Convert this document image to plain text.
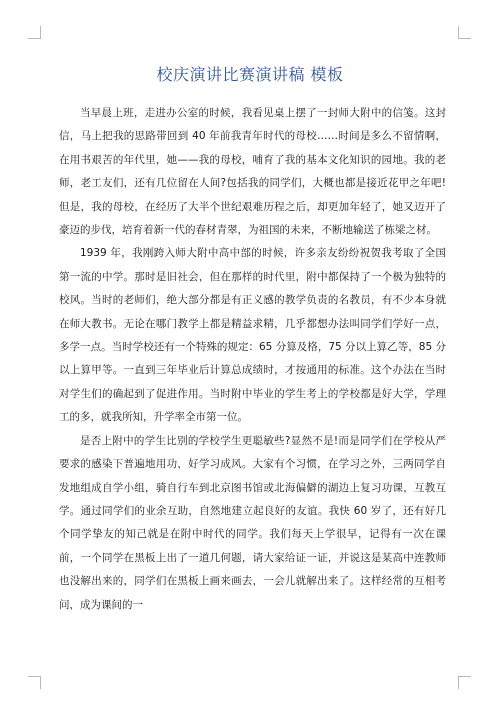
校庆演讲比赛演讲稿 模板

当早晨上班，走进办公室的时候，我看见桌上摆了一封师大附中的信笺。这封信，马上把我的思路带回到 40 年前我青年时代的母校……时间是多么不留情啊，在用书艰苦的年代里，她——我的母校，哺育了我的基本文化知识的园地。我的老师，老工友们，还有几位留在人间?包括我的同学们，大概也都是接近花甲之年吧!但是，我的母校，在经历了大半个世纪艰难历程之后，却更加年轻了，她又迈开了豪迈的步伐，培育着新一代的春材青翠，为祖国的未来，不断地输送了栋梁之材。

1939 年，我刚跨入师大附中高中部的时候，许多亲友纷纷祝贺我考取了全国第一流的中学。那时是旧社会，但在那样的时代里，附中都保持了一个极为独特的校风。当时的老师们，绝大部分都是有正义感的教学负责的名教员，有不少本身就在师大教书。无论在哪门教学上都是精益求精，几乎都想办法叫同学们学好一点，多学一点。当时学校还有一个特殊的规定：65 分算及格，75 分以上算乙等，85 分以上算甲等。一直到三年毕业后计算总成绩时，才按通用的标准。这个办法在当时对学生们的确起到了促进作用。当时附中毕业的学生考上的学校都是好大学，学理工的多，就我所知，升学率全市第一位。

是否上附中的学生比别的学校学生更聪敏些?显然不是!而是同学们在学校从严要求的感染下普遍地用功，好学习成风。大家有个习惯，在学习之外，三两同学自发地组成自学小组，骑自行车到北京图书馆或北海偏僻的湖边上复习功课，互教互学。通过同学们的业余互助，自然地建立起良好的友谊。我快 60 岁了，还有好几个同学挚友的知己就是在附中时代的同学。我们每天上学很早，记得有一次在课前，一个同学在黑板上出了一道几何题，请大家给证一证，并说这是某高中连教师也没解出来的，同学们在黑板上画来画去，一会儿就解出来了。这样经常的互相考问，成为课间的一
